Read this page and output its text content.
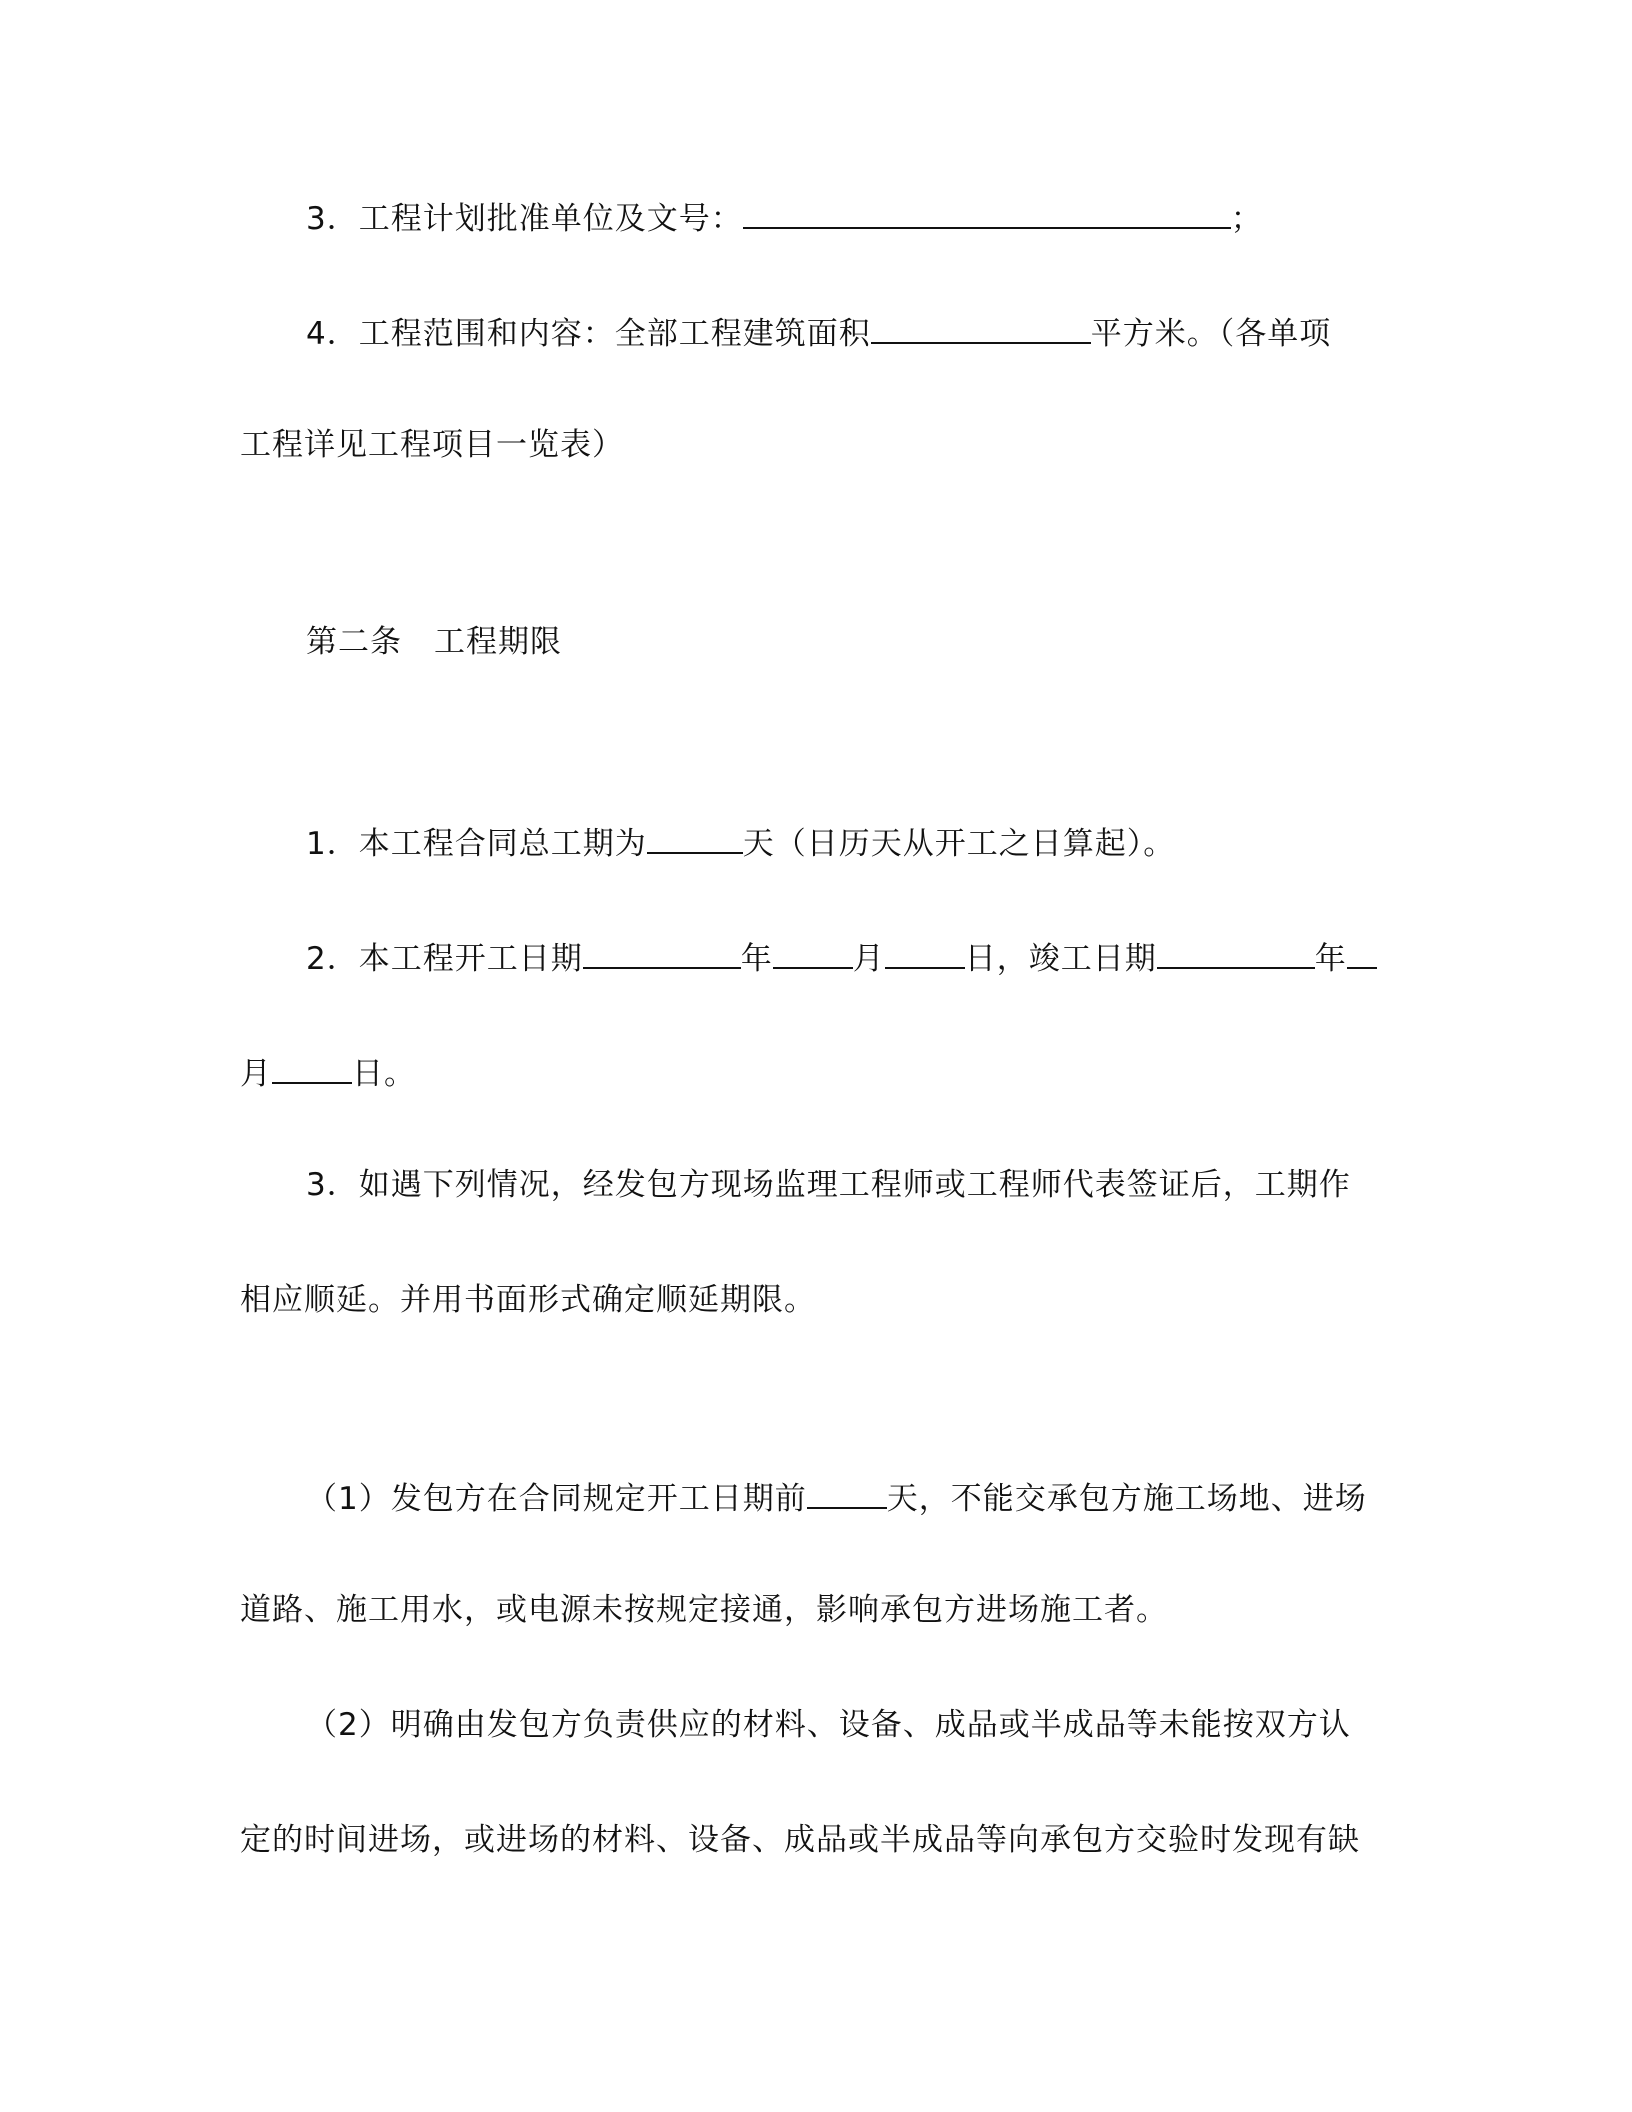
3．工程计划批准单位及文号：	；
4．工程范围和内容：全部工程建筑面积	平方米。（各单项
工程详见工程项目一览表）
第二条 工程期限
1．本工程合同总工期为	天（日历天从开工之日算起）。
2．本工程开工日期	年	月	日，竣工日期	年
月	日。
3．如遇下列情况，经发包方现场监理工程师或工程师代表签证后，工期作
相应顺延。并用书面形式确定顺延期限。
（1）发包方在合同规定开工日期前	天，不能交承包方施工场地、进场
道路、施工用水，或电源未按规定接通，影响承包方进场施工者。
（2）明确由发包方负责供应的材料、设备、成品或半成品等未能按双方认
定的时间进场，或进场的材料、设备、成品或半成品等向承包方交验时发现有缺
